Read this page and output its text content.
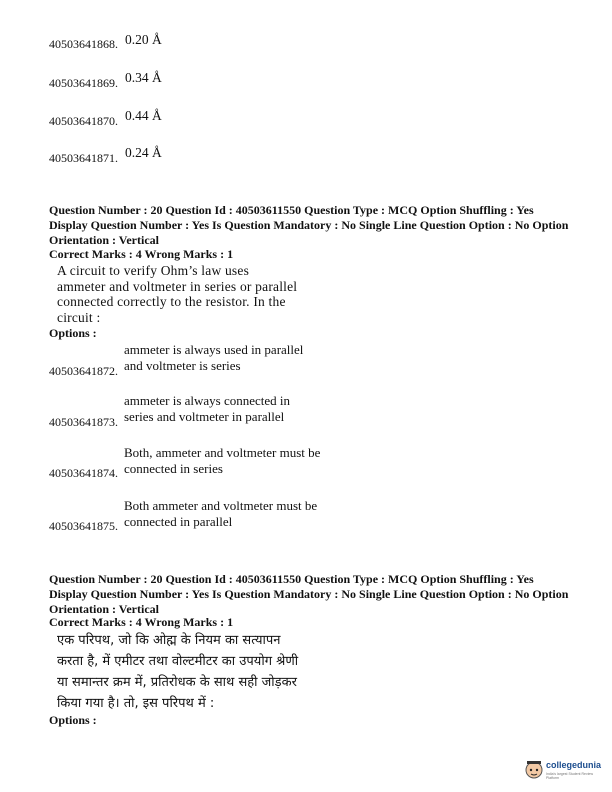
40503641868. 0.20 Å
40503641869. 0.34 Å
40503641870. 0.44 Å
40503641871. 0.24 Å
Question Number : 20 Question Id : 40503611550 Question Type : MCQ Option Shuffling : Yes
Display Question Number : Yes Is Question Mandatory : No Single Line Question Option : No Option
Orientation : Vertical
Correct Marks : 4 Wrong Marks : 1
A circuit to verify Ohm’s law uses
ammeter and voltmeter in series or parallel
connected correctly to the resistor. In the
circuit :
Options :
ammeter is always used in parallel
and voltmeter is series
40503641872.
ammeter is always connected in
series and voltmeter in parallel
40503641873.
Both, ammeter and voltmeter must be
connected in series
40503641874.
Both ammeter and voltmeter must be
connected in parallel
40503641875.
Question Number : 20 Question Id : 40503611550 Question Type : MCQ Option Shuffling : Yes
Display Question Number : Yes Is Question Mandatory : No Single Line Question Option : No Option
Orientation : Vertical
Correct Marks : 4 Wrong Marks : 1
एक परिपथ, जो कि ओह्म के नियम का सत्यापन
करता है, में एमीटर तथा वोल्टमीटर का उपयोग श्रेणी
या समान्तर क्रम में, प्रतिरोधक के साथ सही जोड़कर
किया गया है। तो, इस परिपथ में :
Options :
collegedunia
India's largest Student Review Platform
